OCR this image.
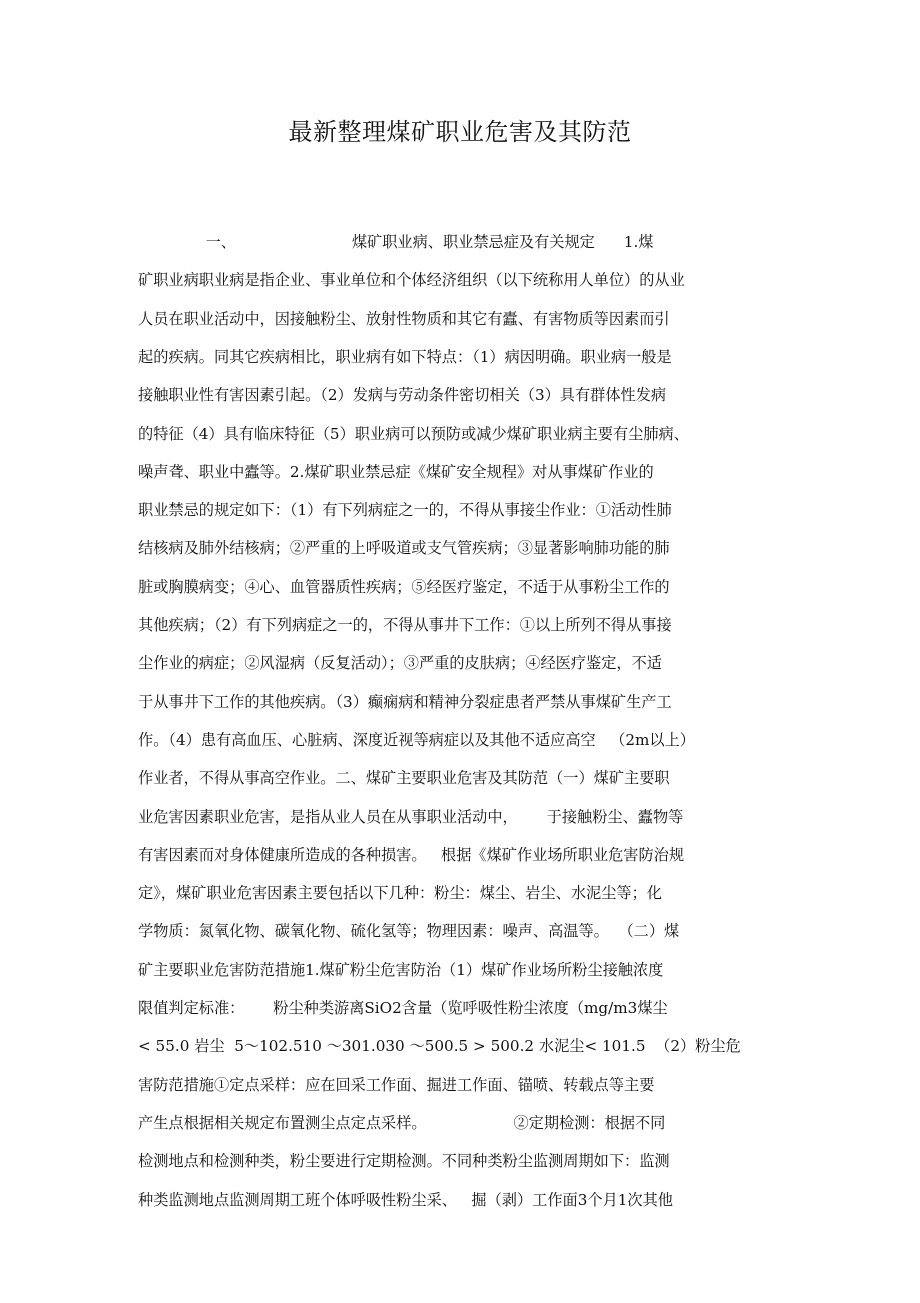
最新整理煤矿职业危害及其防范
一、                        煤矿职业病、职业禁忌症及有关规定      1.煤
矿职业病职业病是指企业、事业单位和个体经济组织（以下统称用人单位）的从业
人员在职业活动中，因接触粉尘、放射性物质和其它有蠹、有害物质等因素而引
起的疾病。同其它疾病相比，职业病有如下特点：（1）病因明确。职业病一般是
接触职业性有害因素引起。（2）发病与劳动条件密切相关（3）具有群体性发病
的特征（4）具有临床特征（5）职业病可以预防或减少煤矿职业病主要有尘肺病、
噪声聋、职业中蠹等。2.煤矿职业禁忌症《煤矿安全规程》对从事煤矿作业的
职业禁忌的规定如下：（1）有下列病症之一的，不得从事接尘作业：①活动性肺
结核病及肺外结核病；②严重的上呼吸道或支气管疾病；③显著影响肺功能的肺
脏或胸膜病变；④心、血管器质性疾病；⑤经医疗鉴定，不适于从事粉尘工作的
其他疾病；（2）有下列病症之一的，不得从事井下工作：①以上所列不得从事接
尘作业的病症；②风湿病（反复活动）；③严重的皮肤病；④经医疗鉴定，不适
于从事井下工作的其他疾病。（3）癫痫病和精神分裂症患者严禁从事煤矿生产工
作。（4）患有高血压、心脏病、深度近视等病症以及其他不适应高空   （2m以上）
作业者，不得从事高空作业。二、煤矿主要职业危害及其防范（一）煤矿主要职
业危害因素职业危害，是指从业人员在从事职业活动中，      于接触粉尘、蠹物等
有害因素而对身体健康所造成的各种损害。   根据《煤矿作业场所职业危害防治规
定》，煤矿职业危害因素主要包括以下几种：粉尘：煤尘、岩尘、水泥尘等；化
学物质：氮氧化物、碳氧化物、硫化氢等；物理因素：噪声、高温等。  （二）煤
矿主要职业危害防范措施1.煤矿粉尘危害防治（1）煤矿作业场所粉尘接触浓度
限值判定标准：      粉尘种类游离SiO2含量（览呼吸性粉尘浓度（mg/m3煤尘
< 55.0 岩尘  5～102.510 ～301.030 ～500.5 > 500.2 水泥尘< 101.5  （2）粉尘危
害防范措施①定点采样：应在回采工作面、掘进工作面、锚喷、转载点等主要
产生点根据相关规定布置测尘点定点采样。                  ②定期检测：根据不同
检测地点和检测种类，粉尘要进行定期检测。不同种类粉尘监测周期如下：监测
种类监测地点监测周期工班个体呼吸性粉尘采、   掘（剥）工作面3个月1次其他
